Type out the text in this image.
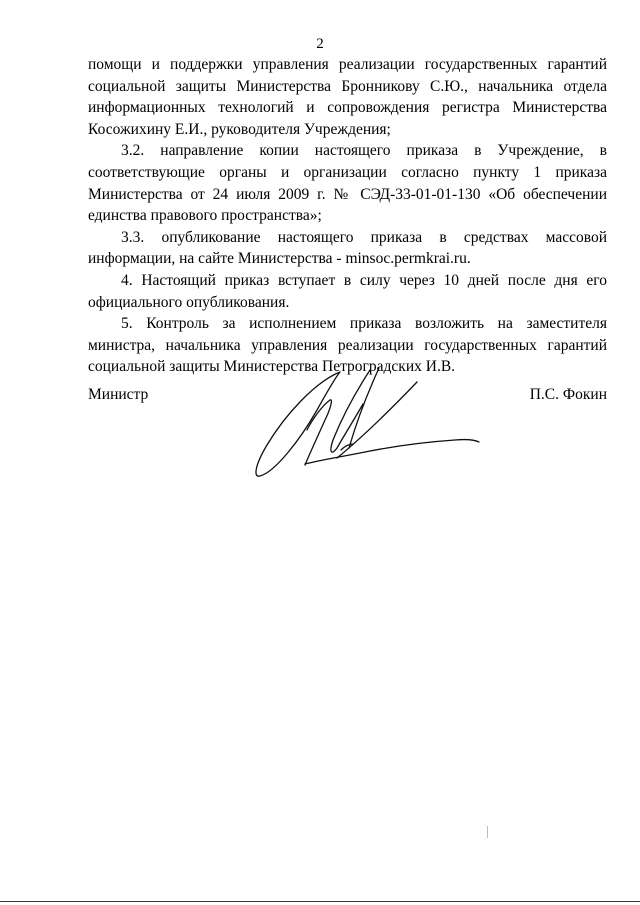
2

помощи и поддержки управления реализации государственных гарантий социальной защиты Министерства Бронникову С.Ю., начальника отдела информационных технологий и сопровождения регистра Министерства Косожихину Е.И., руководителя Учреждения;

3.2. направление копии настоящего приказа в Учреждение, в соответствующие органы и организации согласно пункту 1 приказа Министерства от 24 июля 2009 г. № СЭД-33-01-01-130 «Об обеспечении единства правового пространства»;

3.3. опубликование настоящего приказа в средствах массовой информации, на сайте Министерства - minsoc.permkrai.ru.

4. Настоящий приказ вступает в силу через 10 дней после дня его официального опубликования.

5. Контроль за исполнением приказа возложить на заместителя министра, начальника управления реализации государственных гарантий социальной защиты Министерства Петроградских И.В.

Министр	П.С. Фокин
